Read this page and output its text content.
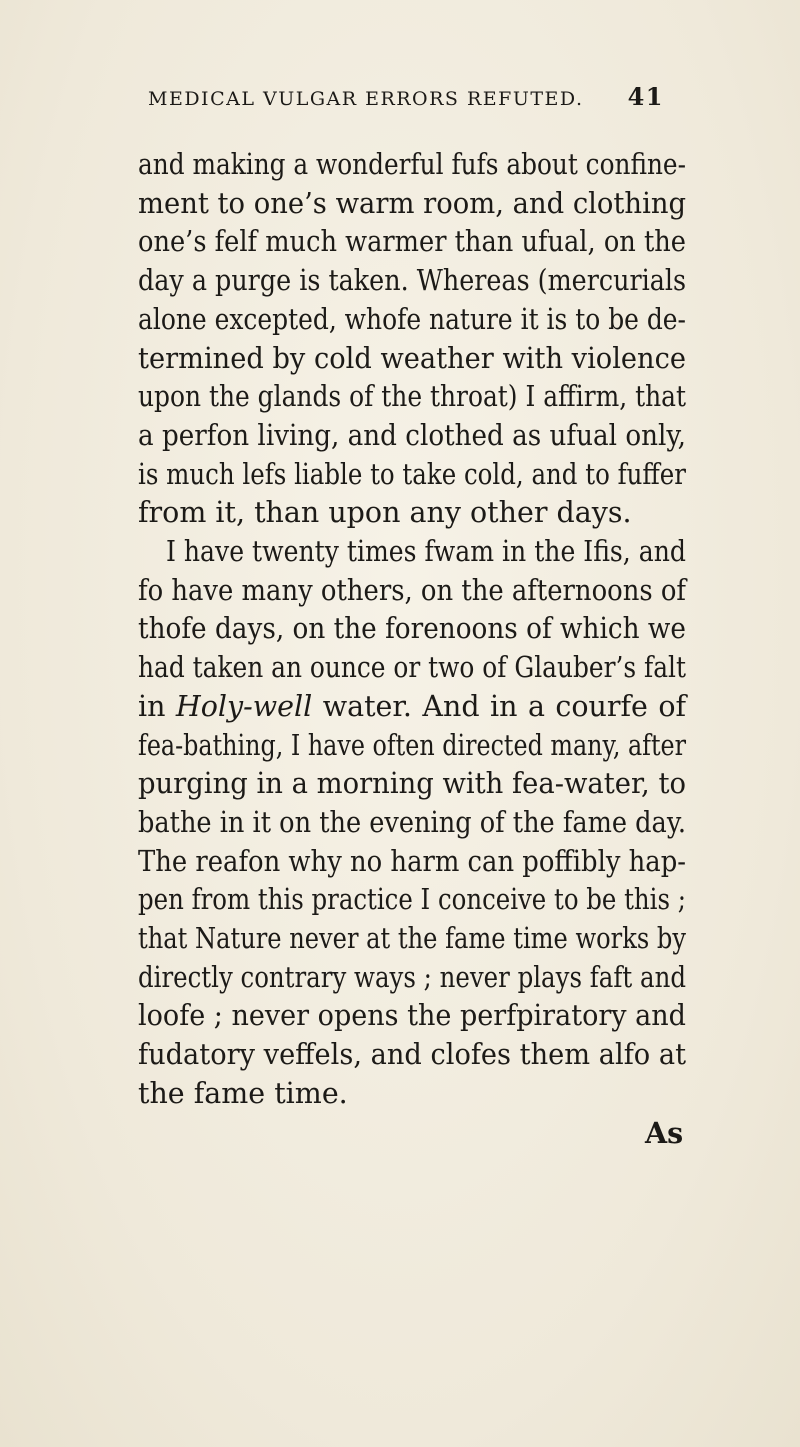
MEDICAL VULGAR ERRORS REFUTED. 41
and making a wonderful fufs about confine-
ment to one’s warm room, and clothing
one’s felf much warmer than ufual, on the
day a purge is taken. Whereas (mercurials
alone excepted, whofe nature it is to be de-
termined by cold weather with violence
upon the glands of the throat) I affirm, that
a perfon living, and clothed as ufual only,
is much lefs liable to take cold, and to fuffer
from it, than upon any other days.
I have twenty times fwam in the Ifis, and
fo have many others, on the afternoons of
thofe days, on the forenoons of which we
had taken an ounce or two of Glauber’s falt
in Holy-well water. And in a courfe of
fea-bathing, I have often directed many, after
purging in a morning with fea-water, to
bathe in it on the evening of the fame day.
The reafon why no harm can poffibly hap-
pen from this practice I conceive to be this ;
that Nature never at the fame time works by
directly contrary ways ; never plays faft and
loofe ; never opens the perfpiratory and
fudatory veffels, and clofes them alfo at
the fame time.
As
